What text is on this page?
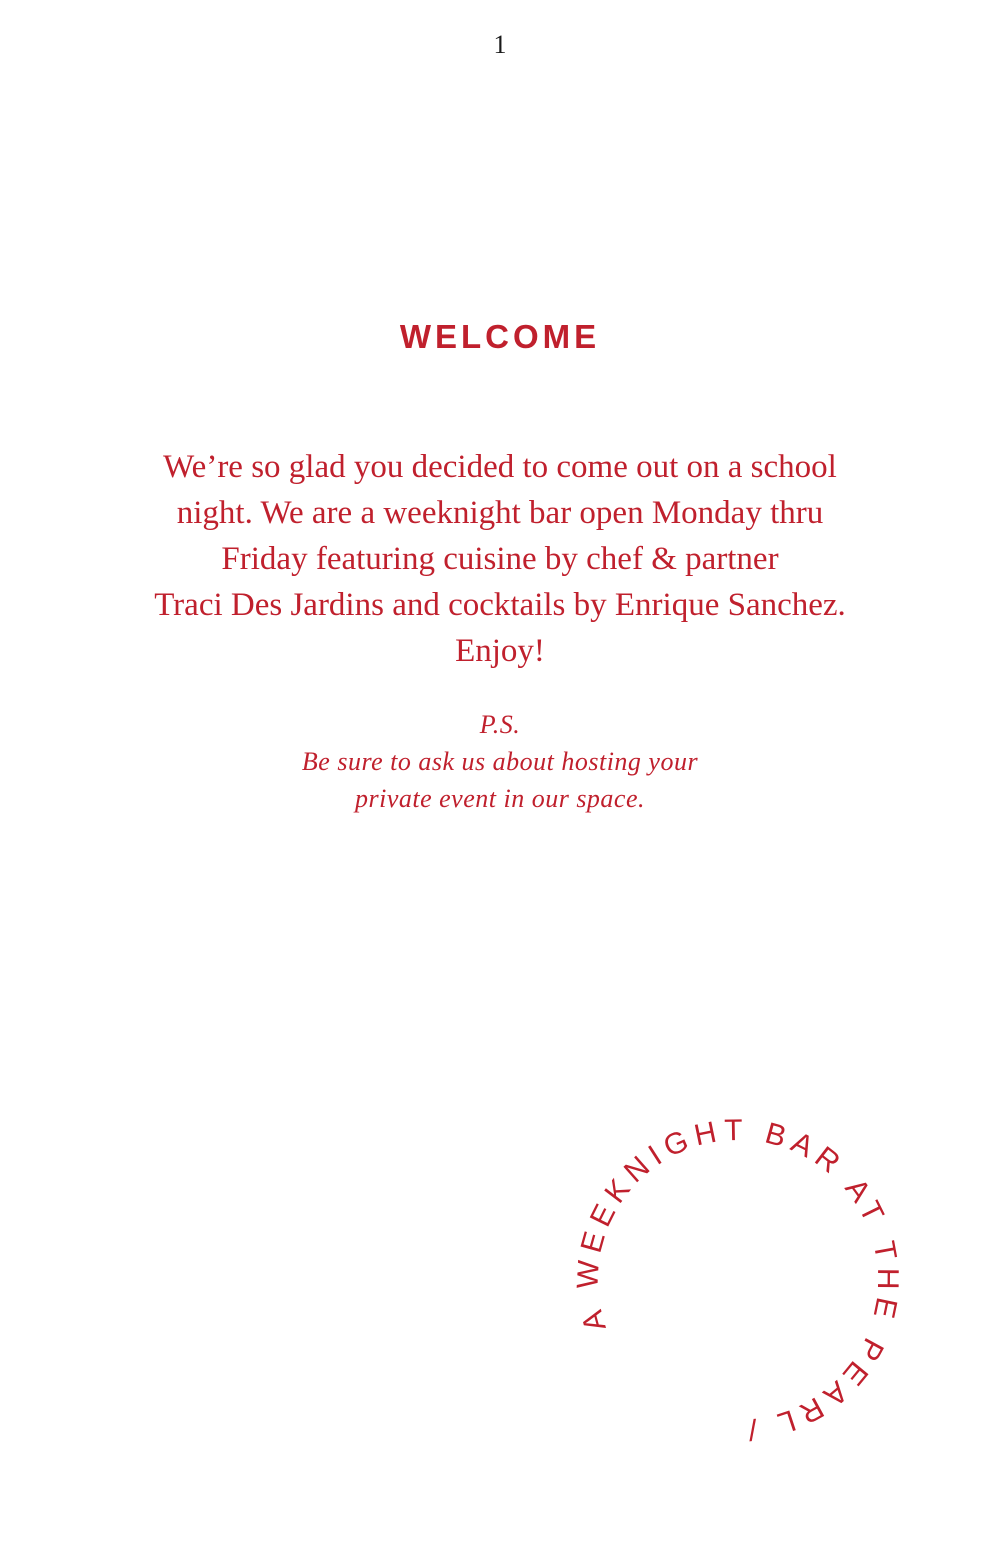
1
WELCOME
We’re so glad you decided to come out on a school
night. We are a weeknight bar open Monday thru
Friday featuring cuisine by chef & partner
Traci Des Jardins and cocktails by Enrique Sanchez.
Enjoy!
P.S.
Be sure to ask us about hosting your
private event in our space.
A WEEKNIGHT BAR AT THE PEARL /
